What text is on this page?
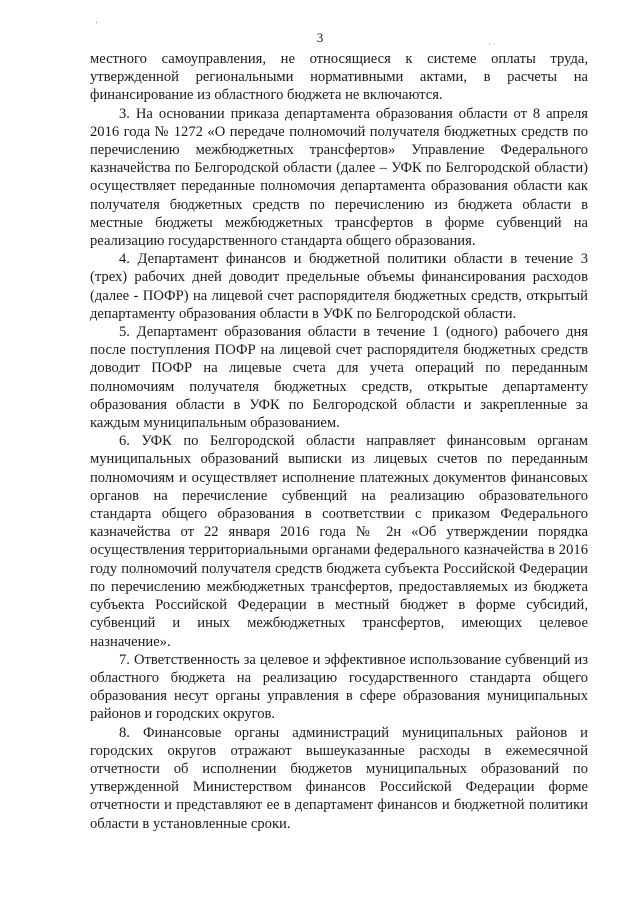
3
'
· ·

местного самоуправления, не относящиеся к системе оплаты труда, утвержденной региональными нормативными актами, в расчеты на финансирование из областного бюджета не включаются.

3. На основании приказа департамента образования области от 8 апреля 2016 года № 1272 «О передаче полномочий получателя бюджетных средств по перечислению межбюджетных трансфертов» Управление Федерального казначейства по Белгородской области (далее – УФК по Белгородской области) осуществляет переданные полномочия департамента образования области как получателя бюджетных средств по перечислению из бюджета области в местные бюджеты межбюджетных трансфертов в форме субвенций на реализацию государственного стандарта общего образования.

4. Департамент финансов и бюджетной политики области в течение 3 (трех) рабочих дней доводит предельные объемы финансирования расходов (далее - ПОФР) на лицевой счет распорядителя бюджетных средств, открытый департаменту образования области в УФК по Белгородской области.

5. Департамент образования области в течение 1 (одного) рабочего дня после поступления ПОФР на лицевой счет распорядителя бюджетных средств доводит ПОФР на лицевые счета для учета операций по переданным полномочиям получателя бюджетных средств, открытые департаменту образования области в УФК по Белгородской области и закрепленные за каждым муниципальным образованием.

6. УФК по Белгородской области направляет финансовым органам муниципальных образований выписки из лицевых счетов по переданным полномочиям и осуществляет исполнение платежных документов финансовых органов на перечисление субвенций на реализацию образовательного стандарта общего образования в соответствии с приказом Федерального казначейства от 22 января 2016 года № 2н «Об утверждении порядка осуществления территориальными органами федерального казначейства в 2016 году полномочий получателя средств бюджета субъекта Российской Федерации по перечислению межбюджетных трансфертов, предоставляемых из бюджета субъекта Российской Федерации в местный бюджет в форме субсидий, субвенций и иных межбюджетных трансфертов, имеющих целевое назначение».

7. Ответственность за целевое и эффективное использование субвенций из областного бюджета на реализацию государственного стандарта общего образования несут органы управления в сфере образования муниципальных районов и городских округов.

8. Финансовые органы администраций муниципальных районов и городских округов отражают вышеуказанные расходы в ежемесячной отчетности об исполнении бюджетов муниципальных образований по утвержденной Министерством финансов Российской Федерации форме отчетности и представляют ее в департамент финансов и бюджетной политики области в установленные сроки.
